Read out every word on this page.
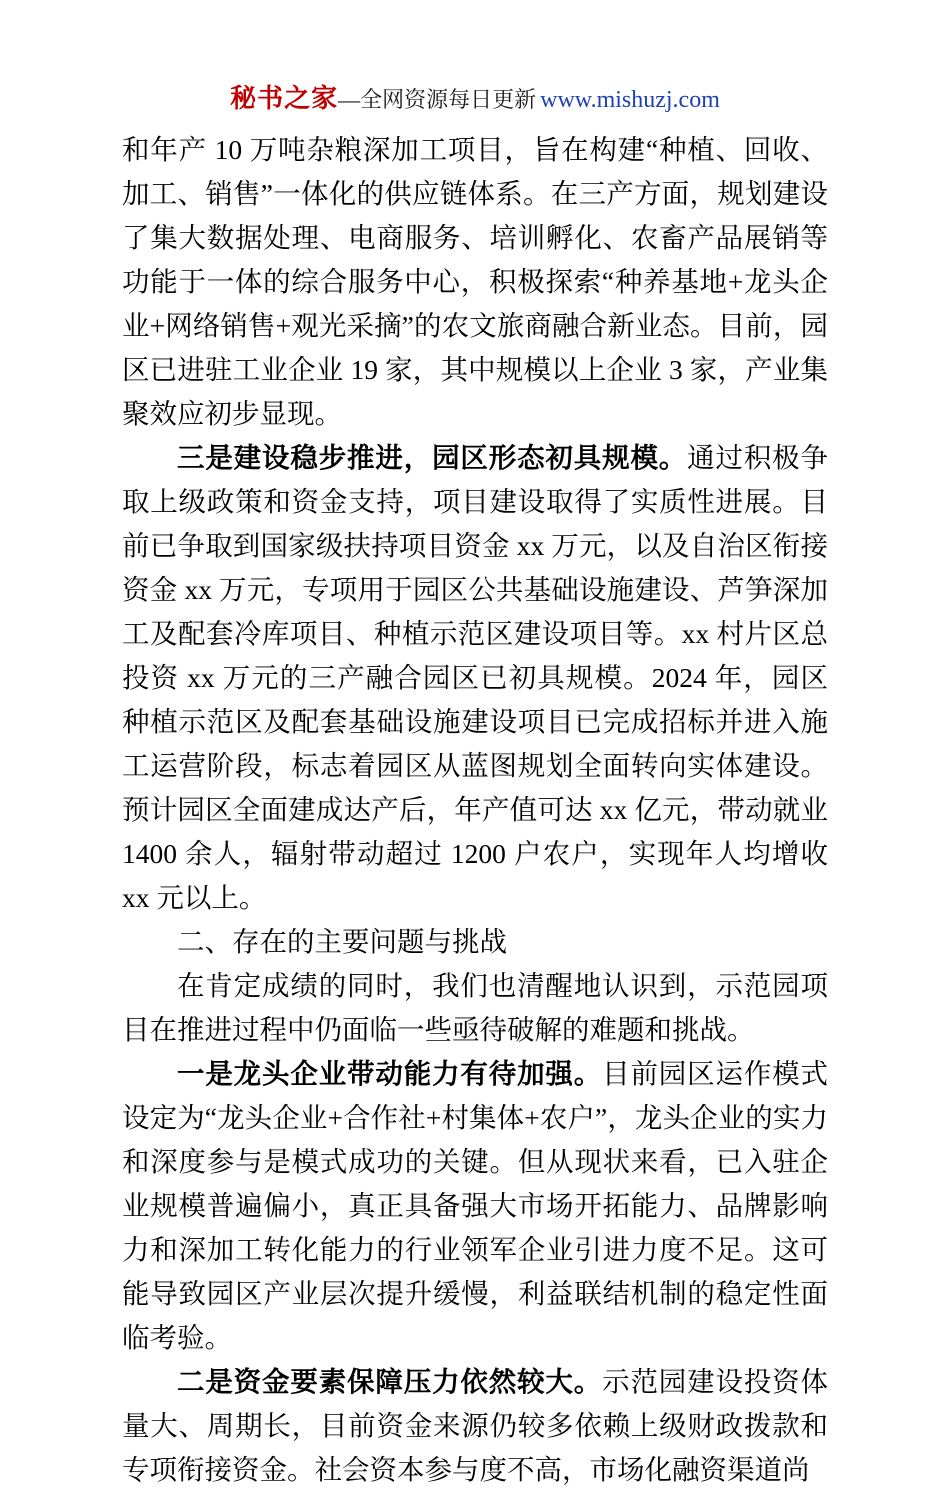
秘书之家—全网资源每日更新 www.mishuzj.com

和年产 10 万吨杂粮深加工项目，旨在构建“种植、回收、加工、销售”一体化的供应链体系。在三产方面，规划建设了集大数据处理、电商服务、培训孵化、农畜产品展销等功能于一体的综合服务中心，积极探索“种养基地+龙头企业+网络销售+观光采摘”的农文旅商融合新业态。目前，园区已进驻工业企业 19 家，其中规模以上企业 3 家，产业集聚效应初步显现。

三是建设稳步推进，园区形态初具规模。通过积极争取上级政策和资金支持，项目建设取得了实质性进展。目前已争取到国家级扶持项目资金 xx 万元，以及自治区衔接资金 xx 万元，专项用于园区公共基础设施建设、芦笋深加工及配套冷库项目、种植示范区建设项目等。xx 村片区总投资 xx 万元的三产融合园区已初具规模。2024 年，园区种植示范区及配套基础设施建设项目已完成招标并进入施工运营阶段，标志着园区从蓝图规划全面转向实体建设。预计园区全面建成达产后，年产值可达 xx 亿元，带动就业 1400 余人，辐射带动超过 1200 户农户，实现年人均增收 xx 元以上。

二、存在的主要问题与挑战

在肯定成绩的同时，我们也清醒地认识到，示范园项目在推进过程中仍面临一些亟待破解的难题和挑战。

一是龙头企业带动能力有待加强。目前园区运作模式设定为“龙头企业+合作社+村集体+农户”，龙头企业的实力和深度参与是模式成功的关键。但从现状来看，已入驻企业规模普遍偏小，真正具备强大市场开拓能力、品牌影响力和深加工转化能力的行业领军企业引进力度不足。这可能导致园区产业层次提升缓慢，利益联结机制的稳定性面临考验。

二是资金要素保障压力依然较大。示范园建设投资体量大、周期长，目前资金来源仍较多依赖上级财政拨款和专项衔接资金。社会资本参与度不高，市场化融资渠道尚
